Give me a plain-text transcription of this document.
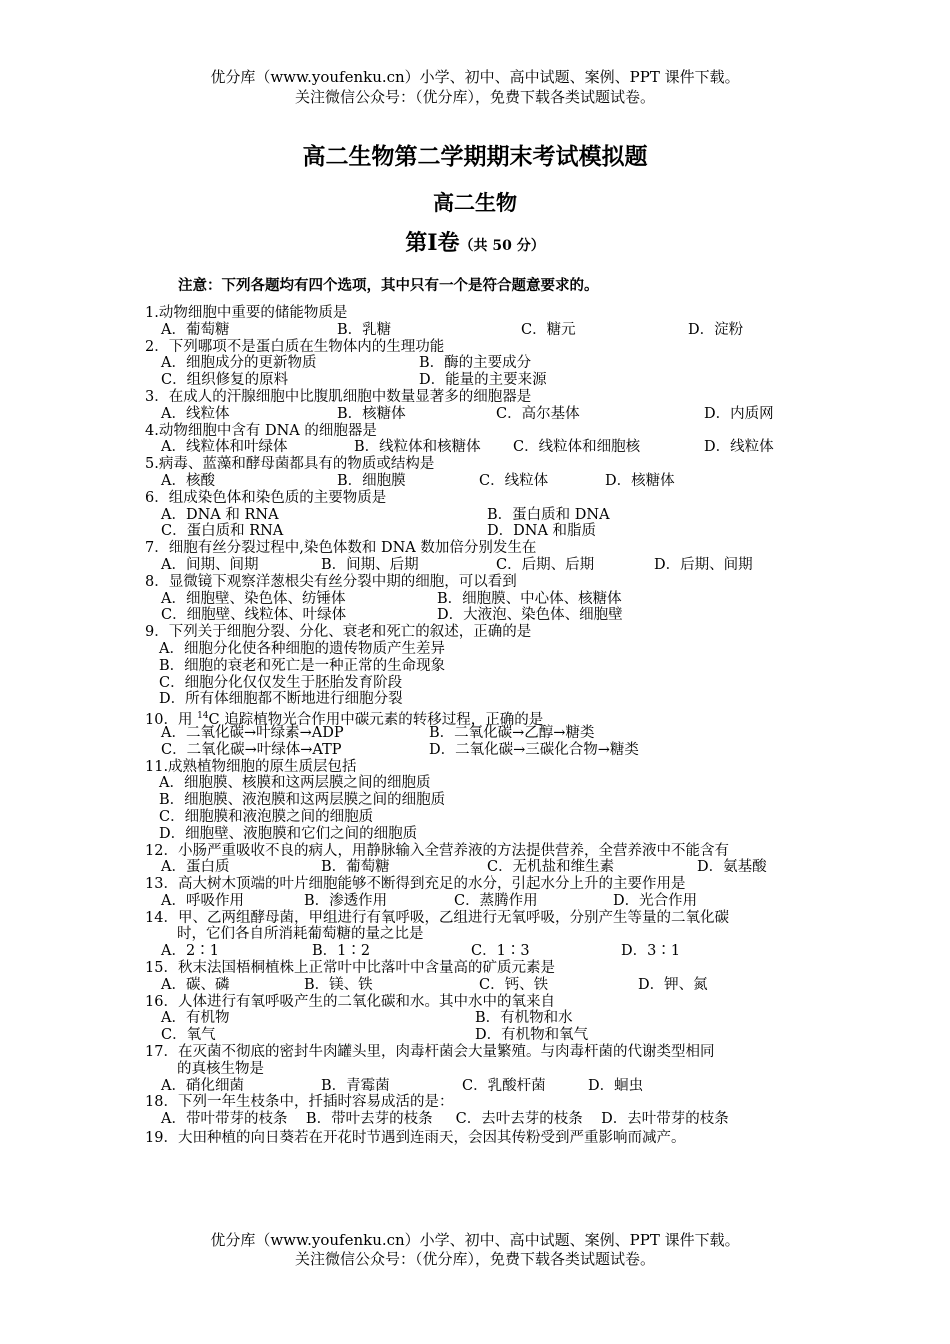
优分库（www.youfenku.cn）小学、初中、高中试题、案例、PPT 课件下载。
关注微信公众号：（优分库），免费下载各类试题试卷。
高二生物第二学期期末考试模拟题
高二生物
第Ⅰ卷（共 50 分）
注意：下列各题均有四个选项，其中只有一个是符合题意要求的。
1.动物细胞中重要的储能物质是
A．葡萄糖	B．乳糖	C．糖元	D．淀粉
2．下列哪项不是蛋白质在生物体内的生理功能
A．细胞成分的更新物质	B．酶的主要成分
C．组织修复的原料	D．能量的主要来源
3．在成人的汗腺细胞中比腹肌细胞中数量显著多的细胞器是
A．线粒体	B．核糖体	C．高尔基体	D．内质网
4.动物细胞中含有 DNA 的细胞器是
A．线粒体和叶绿体	B．线粒体和核糖体 C．线粒体和细胞核	D．线粒体
5.病毒、蓝藻和酵母菌都具有的物质或结构是
A．核酸	B．细胞膜	C．线粒体	D．核糖体
6．组成染色体和染色质的主要物质是
A．DNA 和 RNA	B．蛋白质和 DNA
C．蛋白质和 RNA	D．DNA 和脂质
7．细胞有丝分裂过程中,染色体数和 DNA 数加倍分别发生在
A．间期、间期	B．间期、后期	C．后期、后期	D．后期、间期
8．显微镜下观察洋葱根尖有丝分裂中期的细胞，可以看到
A．细胞壁、染色体、纺锤体	B．细胞膜、中心体、核糖体
C．细胞壁、线粒体、叶绿体	D．大液泡、染色体、细胞壁
9．下列关于细胞分裂、分化、衰老和死亡的叙述，正确的是
A．细胞分化使各种细胞的遗传物质产生差异
B．细胞的衰老和死亡是一种正常的生命现象
C．细胞分化仅仅发生于胚胎发育阶段
D．所有体细胞都不断地进行细胞分裂
10．用 $^{14}$C 追踪植物光合作用中碳元素的转移过程，正确的是
A．二氧化碳→叶绿素→ADP	B．二氧化碳→乙醇→糖类
C．二氧化碳→叶绿体→ATP	D．二氧化碳→三碳化合物→糖类
11.成熟植物细胞的原生质层包括
A．细胞膜、核膜和这两层膜之间的细胞质
B．细胞膜、液泡膜和这两层膜之间的细胞质
C．细胞膜和液泡膜之间的细胞质
D．细胞壁、液胞膜和它们之间的细胞质
12．小肠严重吸收不良的病人，用静脉输入全营养液的方法提供营养，全营养液中不能含有
A．蛋白质	B．葡萄糖	C．无机盐和维生素	D．氨基酸
13．高大树木顶端的叶片细胞能够不断得到充足的水分，引起水分上升的主要作用是
A．呼吸作用	B．渗透作用	C．蒸腾作用	D．光合作用
14．甲、乙两组酵母菌，甲组进行有氧呼吸，乙组进行无氧呼吸，分别产生等量的二氧化碳
时，它们各自所消耗葡萄糖的量之比是
A．2∶1	B．1∶2	C．1∶3	D．3∶1
15．秋末法国梧桐植株上正常叶中比落叶中含量高的矿质元素是
A．碳、磷	B．镁、铁	C．钙、铁	D．钾、氮
16．人体进行有氧呼吸产生的二氧化碳和水。其中水中的氧来自
A．有机物	B．有机物和水
C．氧气	D．有机物和氧气
17．在灭菌不彻底的密封牛肉罐头里，肉毒杆菌会大量繁殖。与肉毒杆菌的代谢类型相同
的真核生物是
A．硝化细菌	B．青霉菌	C．乳酸杆菌	D．蛔虫
18．下列一年生枝条中，扦插时容易成活的是：
A．带叶带芽的枝条 B．带叶去芽的枝条 C．去叶去芽的枝条 D．去叶带芽的枝条
19．大田种植的向日葵若在开花时节遇到连雨天，会因其传粉受到严重影响而减产。
优分库（www.youfenku.cn）小学、初中、高中试题、案例、PPT 课件下载。
关注微信公众号：（优分库），免费下载各类试题试卷。
